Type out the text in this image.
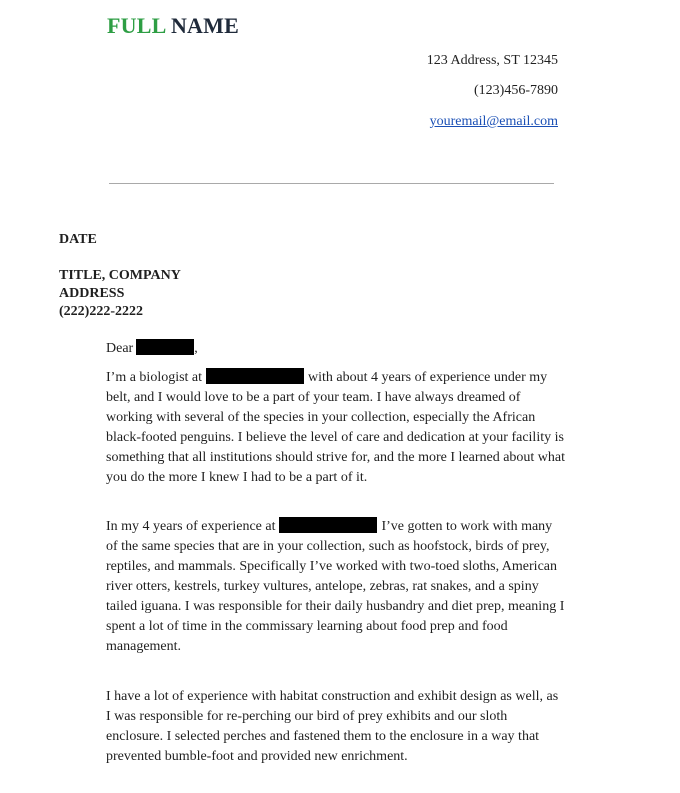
FULL NAME
123 Address, ST 12345
(123)456-7890
youremail@email.com
DATE
TITLE, COMPANY
ADDRESS
(222)222-2222
Dear	,

I’m a biologist at	with about 4 years of experience under my belt, and I would love to be a part of your team. I have always dreamed of working with several of the species in your collection, especially the African black-footed penguins. I believe the level of care and dedication at your facility is something that all institutions should strive for, and the more I learned about what you do the more I knew I had to be a part of it.

In my 4 years of experience at	I’ve gotten to work with many of the same species that are in your collection, such as hoofstock, birds of prey, reptiles, and mammals. Specifically I’ve worked with two-toed sloths, American river otters, kestrels, turkey vultures, antelope, zebras, rat snakes, and a spiny tailed iguana. I was responsible for their daily husbandry and diet prep, meaning I spent a lot of time in the commissary learning about food prep and food management.

I have a lot of experience with habitat construction and exhibit design as well, as I was responsible for re-perching our bird of prey exhibits and our sloth enclosure. I selected perches and fastened them to the enclosure in a way that prevented bumble-foot and provided new enrichment.
